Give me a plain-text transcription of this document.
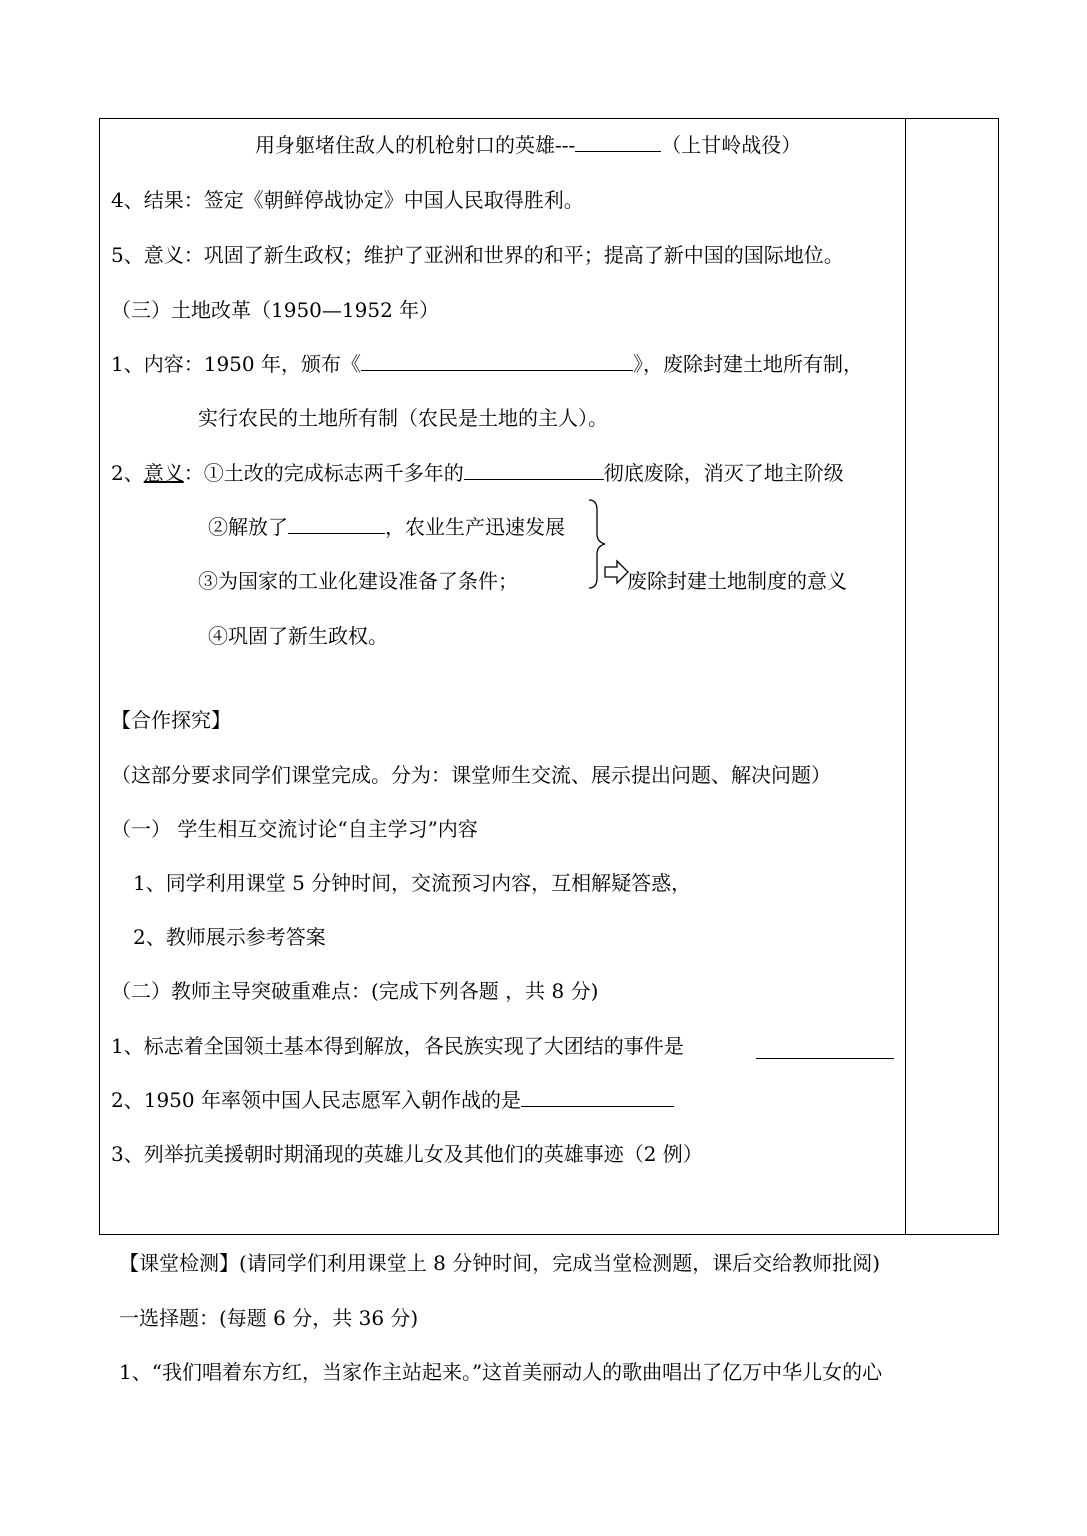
用身躯堵住敌人的机枪射口的英雄---	（上甘岭战役）
4、结果：签定《朝鲜停战协定》中国人民取得胜利。
5、意义：巩固了新生政权；维护了亚洲和世界的和平；提高了新中国的国际地位。
（三）土地改革（1950—1952 年）
1、内容：1950 年，颁布《	》，废除封建土地所有制，
实行农民的土地所有制（农民是土地的主人）。
2、意义：①土改的完成标志两千多年的	彻底废除，消灭了地主阶级
②解放了	，农业生产迅速发展
③为国家的工业化建设准备了条件；	废除封建土地制度的意义
④巩固了新生政权。
【合作探究】
（这部分要求同学们课堂完成。分为：课堂师生交流、展示提出问题、解决问题）
（一） 学生相互交流讨论“自主学习”内容
1、同学利用课堂 5 分钟时间，交流预习内容，互相解疑答惑，
2、教师展示参考答案
（二）教师主导突破重难点：(完成下列各题 ，共 8 分)
1、标志着全国领土基本得到解放，各民族实现了大团结的事件是
2、1950 年率领中国人民志愿军入朝作战的是
3、列举抗美援朝时期涌现的英雄儿女及其他们的英雄事迹（2 例）
【课堂检测】(请同学们利用课堂上 8 分钟时间，完成当堂检测题，课后交给教师批阅)
一选择题：(每题 6 分，共 36 分)
1、“我们唱着东方红，当家作主站起来。”这首美丽动人的歌曲唱出了亿万中华儿女的心
